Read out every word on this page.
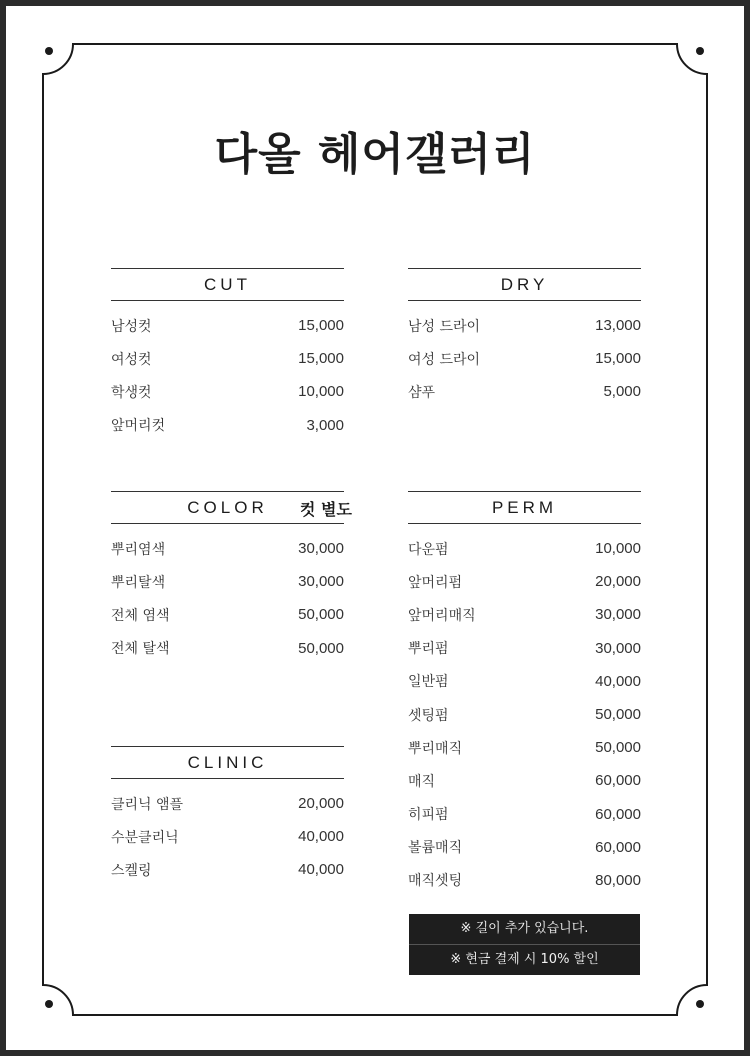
다올 헤어갤러리
CUT
남성컷	15,000
여성컷	15,000
학생컷	10,000
앞머리컷	3,000
DRY
남성 드라이	13,000
여성 드라이	15,000
샴푸	5,000
COLOR	컷 별도
뿌리염색	30,000
뿌리탈색	30,000
전체 염색	50,000
전체 탈색	50,000
PERM
다운펌	10,000
앞머리펌	20,000
앞머리매직	30,000
뿌리펌	30,000
일반펌	40,000
셋팅펌	50,000
뿌리매직	50,000
매직	60,000
히피펌	60,000
볼륨매직	60,000
매직셋팅	80,000
CLINIC
클리닉 앰플	20,000
수분클리닉	40,000
스켈링	40,000
※ 길이 추가 있습니다.
※ 현금 결제 시 10% 할인
